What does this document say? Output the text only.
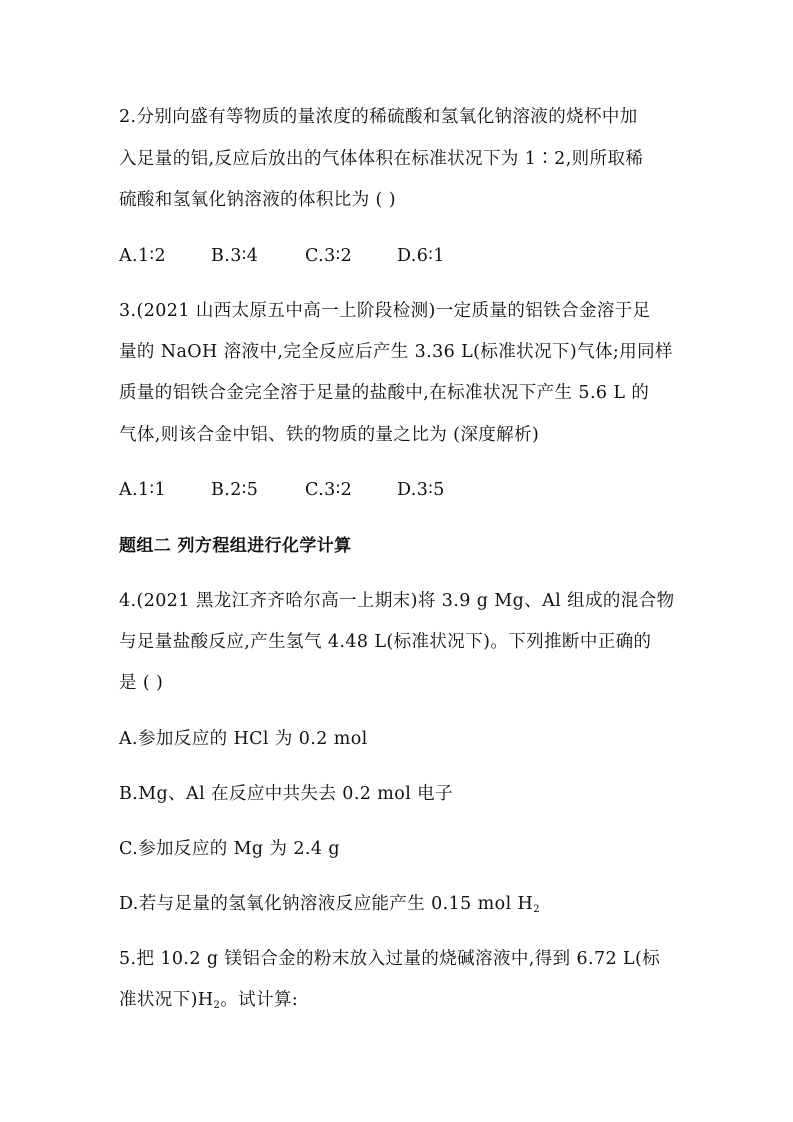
2.分别向盛有等物质的量浓度的稀硫酸和氢氧化钠溶液的烧杯中加
入足量的铝,反应后放出的气体体积在标准状况下为 1∶2,则所取稀
硫酸和氢氧化钠溶液的体积比为 ( )
A.1∶2	B.3∶4	C.3∶2	D.6∶1
3.(2021 山西太原五中高一上阶段检测)一定质量的铝铁合金溶于足
量的 NaOH 溶液中,完全反应后产生 3.36 L(标准状况下)气体;用同样
质量的铝铁合金完全溶于足量的盐酸中,在标准状况下产生 5.6 L 的
气体,则该合金中铝、铁的物质的量之比为 (深度解析)
A.1∶1	B.2∶5	C.3∶2	D.3∶5
题组二 列方程组进行化学计算
4.(2021 黑龙江齐齐哈尔高一上期末)将 3.9 g Mg、Al 组成的混合物
与足量盐酸反应,产生氢气 4.48 L(标准状况下)。下列推断中正确的
是 ( )
A.参加反应的 HCl 为 0.2 mol
B.Mg、Al 在反应中共失去 0.2 mol 电子
C.参加反应的 Mg 为 2.4 g
D.若与足量的氢氧化钠溶液反应能产生 0.15 mol $H_2$
5.把 10.2 g 镁铝合金的粉末放入过量的烧碱溶液中,得到 6.72 L(标
准状况下)$H_2$。试计算:
